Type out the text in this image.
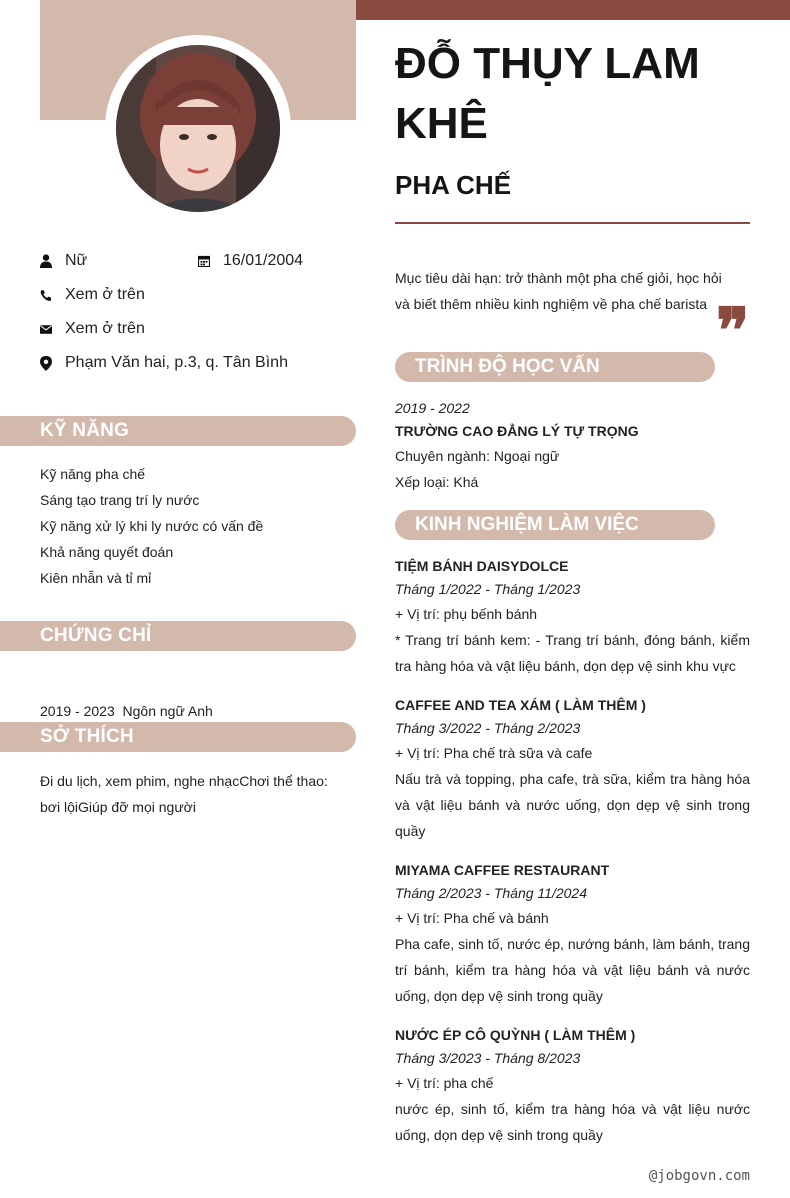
ĐỖ THỤY LAM KHÊ
PHA CHẾ
Nữ	16/01/2004
Xem ở trên
Xem ở trên
Phạm Văn hai, p.3, q. Tân Bình
KỸ NĂNG
Kỹ năng pha chế
Sáng tạo trang trí ly nước
Kỹ năng xử lý khi ly nước có vấn đề
Khả năng quyết đoán
Kiên nhẫn và tỉ mỉ
CHỨNG CHỈ

2019 - 2023  Ngôn ngữ Anh

SỞ THÍCH
Đi du lịch, xem phim, nghe nhạcChơi thể thao: bơi lộiGiúp đỡ mọi người
Mục tiêu dài hạn: trở thành một pha chế giỏi, học hỏi và biết thêm nhiều kinh nghiệm về pha chế barista ❞
TRÌNH ĐỘ HỌC VẤN
2019 - 2022
TRƯỜNG CAO ĐẲNG LÝ TỰ TRỌNG
Chuyên ngành: Ngoại ngữ
Xếp loại: Khá
KINH NGHIỆM LÀM VIỆC
TIỆM BÁNH DAISYDOLCE
Tháng 1/2022 - Tháng 1/2023
+ Vị trí: phụ bếnh bánh
* Trang trí bánh kem: - Trang trí bánh, đóng bánh, kiểm tra hàng hóa và vật liệu bánh, dọn dẹp vệ sinh khu vực
CAFFEE AND TEA XÁM ( LÀM THÊM )
Tháng 3/2022 - Tháng 2/2023
+ Vị trí: Pha chế trà sữa và cafe
Nấu trà và topping, pha cafe, trà sữa, kiểm tra hàng hóa và vật liệu bánh và nước uống, dọn dẹp vệ sinh trong quầy
MIYAMA CAFFEE RESTAURANT
Tháng 2/2023 - Tháng 11/2024
+ Vị trí: Pha chế và bánh
Pha cafe, sinh tố, nước ép, nướng bánh, làm bánh, trang trí bánh, kiểm tra hàng hóa và vật liệu bánh và nước uống, dọn dẹp vệ sinh trong quầy
NƯỚC ÉP CÔ QUỲNH ( LÀM THÊM )
Tháng 3/2023 - Tháng 8/2023
+ Vị trí: pha chế
nước ép, sinh tố, kiểm tra hàng hóa và vật liệu nước uống, dọn dẹp vệ sinh trong quầy
@jobgovn.com
